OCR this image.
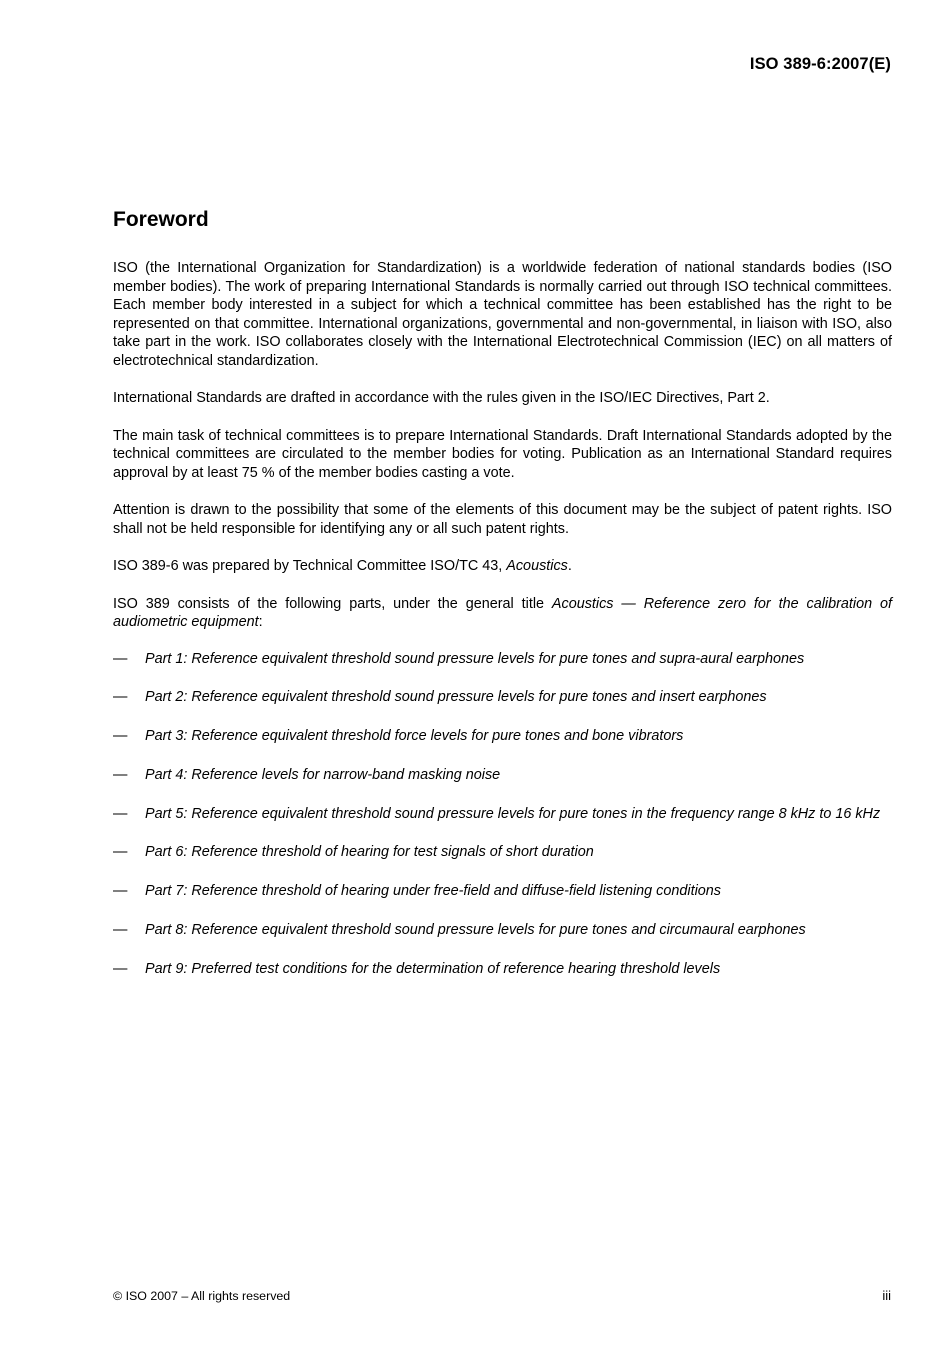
ISO 389-6:2007(E)
Foreword

ISO (the International Organization for Standardization) is a worldwide federation of national standards bodies (ISO member bodies). The work of preparing International Standards is normally carried out through ISO technical committees. Each member body interested in a subject for which a technical committee has been established has the right to be represented on that committee. International organizations, governmental and non-governmental, in liaison with ISO, also take part in the work. ISO collaborates closely with the International Electrotechnical Commission (IEC) on all matters of electrotechnical standardization.

International Standards are drafted in accordance with the rules given in the ISO/IEC Directives, Part 2.

The main task of technical committees is to prepare International Standards. Draft International Standards adopted by the technical committees are circulated to the member bodies for voting. Publication as an International Standard requires approval by at least 75 % of the member bodies casting a vote.

Attention is drawn to the possibility that some of the elements of this document may be the subject of patent rights. ISO shall not be held responsible for identifying any or all such patent rights.

ISO 389-6 was prepared by Technical Committee ISO/TC 43, Acoustics.

ISO 389 consists of the following parts, under the general title Acoustics — Reference zero for the calibration of audiometric equipment:

—	Part 1: Reference equivalent threshold sound pressure levels for pure tones and supra-aural earphones
—	Part 2: Reference equivalent threshold sound pressure levels for pure tones and insert earphones
—	Part 3: Reference equivalent threshold force levels for pure tones and bone vibrators
—	Part 4: Reference levels for narrow-band masking noise
—	Part 5: Reference equivalent threshold sound pressure levels for pure tones in the frequency range 8 kHz to 16 kHz
—	Part 6: Reference threshold of hearing for test signals of short duration
—	Part 7: Reference threshold of hearing under free-field and diffuse-field listening conditions
—	Part 8: Reference equivalent threshold sound pressure levels for pure tones and circumaural earphones
—	Part 9: Preferred test conditions for the determination of reference hearing threshold levels
© ISO 2007 – All rights reserved	iii
